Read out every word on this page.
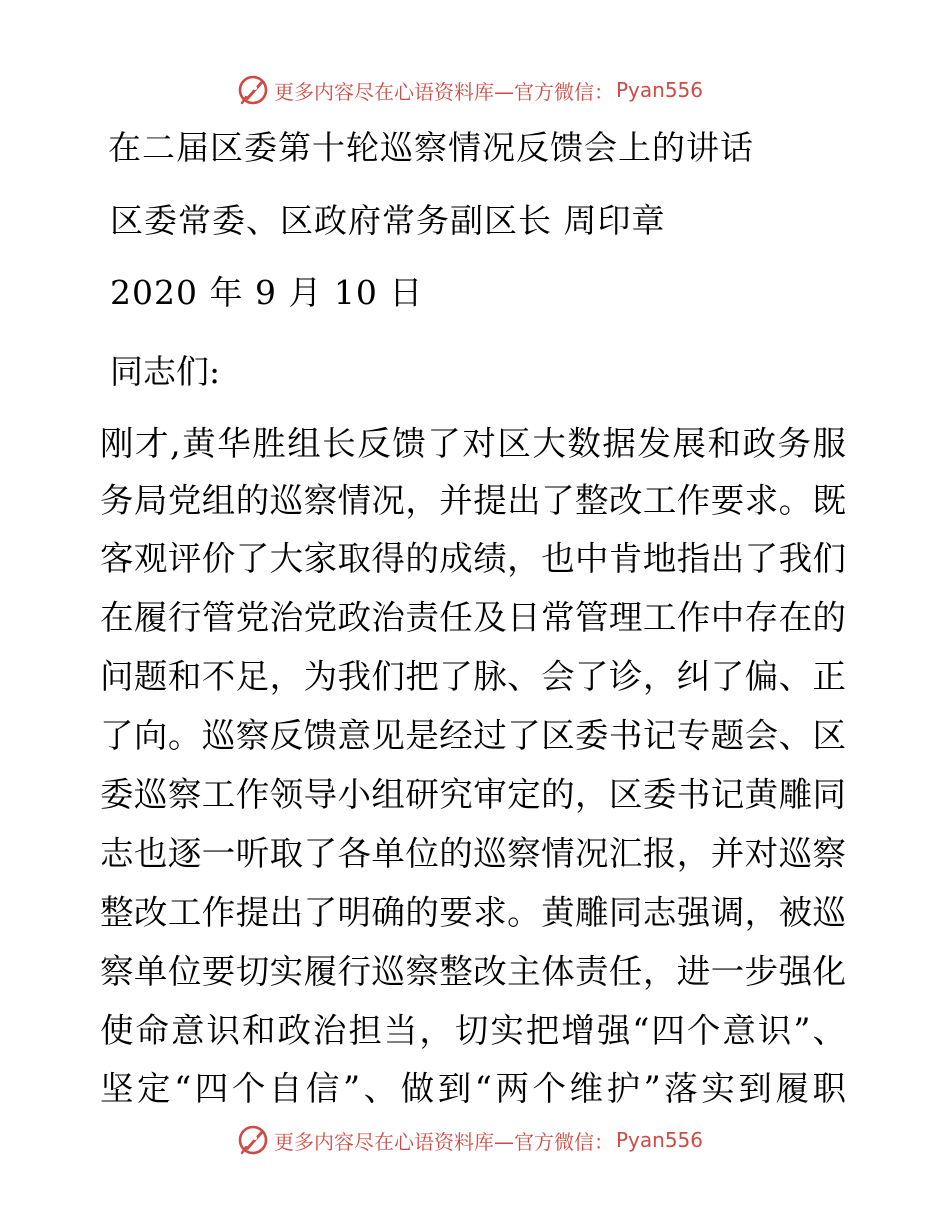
更多内容尽在心语资料库—官方微信： Pyan556
在二届区委第十轮巡察情况反馈会上的讲话
区委常委、区政府常务副区长 周印章
2020 年 9 月 10 日
同志们:
刚才,黄华胜组长反馈了对区大数据发展和政务服
务局党组的巡察情况，并提出了整改工作要求。既
客观评价了大家取得的成绩，也中肯地指出了我们
在履行管党治党政治责任及日常管理工作中存在的
问题和不足，为我们把了脉、会了诊，纠了偏、正
了向。巡察反馈意见是经过了区委书记专题会、区
委巡察工作领导小组研究审定的，区委书记黄雕同
志也逐一听取了各单位的巡察情况汇报，并对巡察
整改工作提出了明确的要求。黄雕同志强调，被巡
察单位要切实履行巡察整改主体责任，进一步强化
使命意识和政治担当，切实把增强“四个意识”、
坚定“四个自信”、做到“两个维护”落实到履职
更多内容尽在心语资料库—官方微信： Pyan556
